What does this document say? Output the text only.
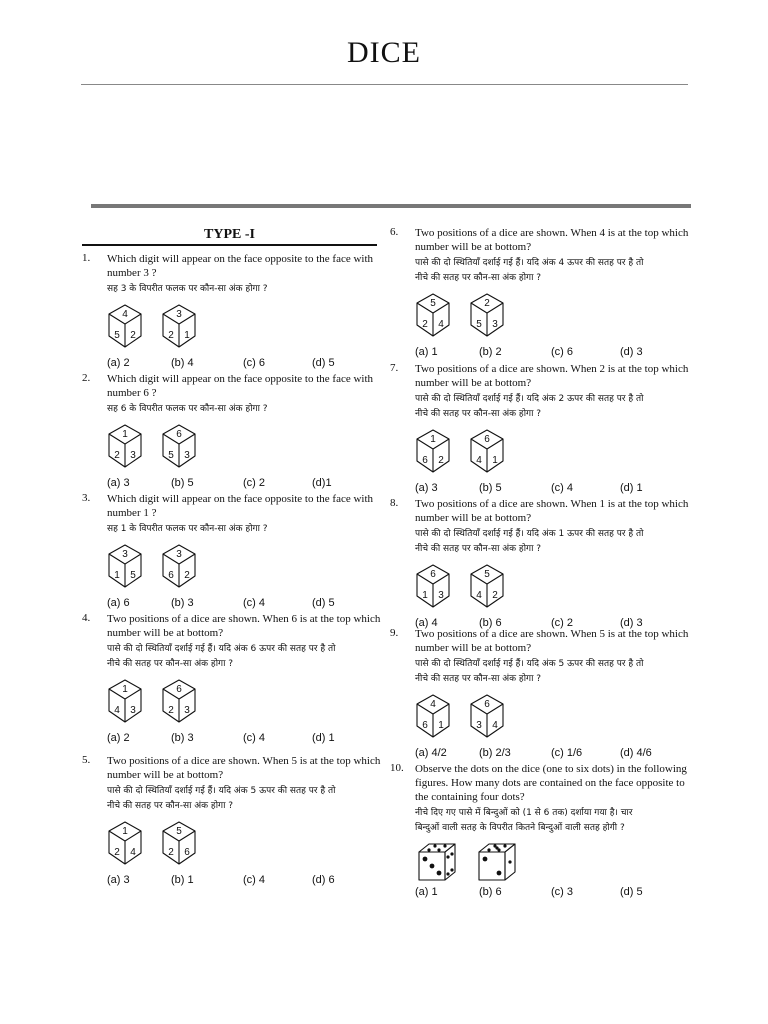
DICE
TYPE -I
1. Which digit will appear on the face opposite to the face with number 3 ?
सह 3 के विपरीत फलक पर कौन-सा अंक होगा ?
4
5 2
3
2 1
(a) 2	(b) 4	(c) 6	(d) 5
2. Which digit will appear on the face opposite to the face with number 6 ?
सह 6 के विपरीत फलक पर कौन-सा अंक होगा ?
1
2 3
6
5 3
(a) 3	(b) 5	(c) 2	(d)1
3. Which digit will appear on the face opposite to the face with number 1 ?
सह 1 के विपरीत फलक पर कौन-सा अंक होगा ?
3
1 5
3
6 2
(a) 6	(b) 3	(c) 4	(d) 5
4. Two positions of a dice are shown. When 6 is at the top which number will be at bottom?
पासे की दो स्थितियाँ दर्शाई गई हैं। यदि अंक 6 ऊपर की सतह पर है तो
नीचे की सतह पर कौन-सा अंक होगा ?
1
4 3
6
2 3
(a) 2	(b) 3	(c) 4	(d) 1
5. Two positions of a dice are shown. When 5 is at the top which number will be at bottom?
पासे की दो स्थितियाँ दर्शाई गई हैं। यदि अंक 5 ऊपर की सतह पर है तो
नीचे की सतह पर कौन-सा अंक होगा ?
1
2 4
5
2 6
(a) 3	(b) 1	(c) 4	(d) 6
6. Two positions of a dice are shown. When 4 is at the top which number will be at bottom?
पासे की दो स्थितियाँ दर्शाई गई हैं। यदि अंक 4 ऊपर की सतह पर है तो
नीचे की सतह पर कौन-सा अंक होगा ?
5
2 4
2
5 3
(a) 1	(b) 2	(c) 6	(d) 3
7. Two positions of a dice are shown. When 2 is at the top which number will be at bottom?
पासे की दो स्थितियाँ दर्शाई गई हैं। यदि अंक 2 ऊपर की सतह पर है तो
नीचे की सतह पर कौन-सा अंक होगा ?
1
6 2
6
4 1
(a) 3	(b) 5	(c) 4	(d) 1
8. Two positions of a dice are shown. When 1 is at the top which number will be at bottom?
पासे की दो स्थितियाँ दर्शाई गई हैं। यदि अंक 1 ऊपर की सतह पर है तो
नीचे की सतह पर कौन-सा अंक होगा ?
6
1 3
5
4 2
(a) 4	(b) 6	(c) 2	(d) 3
9. Two positions of a dice are shown. When 5 is at the top which number will be at bottom?
पासे की दो स्थितियाँ दर्शाई गई हैं। यदि अंक 5 ऊपर की सतह पर है तो
नीचे की सतह पर कौन-सा अंक होगा ?
4
6 1
6
3 4
(a) 4/2	(b) 2/3	(c) 1/6	(d) 4/6
10. Observe the dots on the dice (one to six dots) in the following figures. How many dots are contained on the face opposite to the containing four dots?
नीचे दिए गए पासे में बिन्दुओं को (1 से 6 तक) दर्शाया गया है। चार
बिन्दुओं वाली सतह के विपरीत कितने बिन्दुओं वाली सतह होगी ?
(a) 1	(b) 6	(c) 3	(d) 5
